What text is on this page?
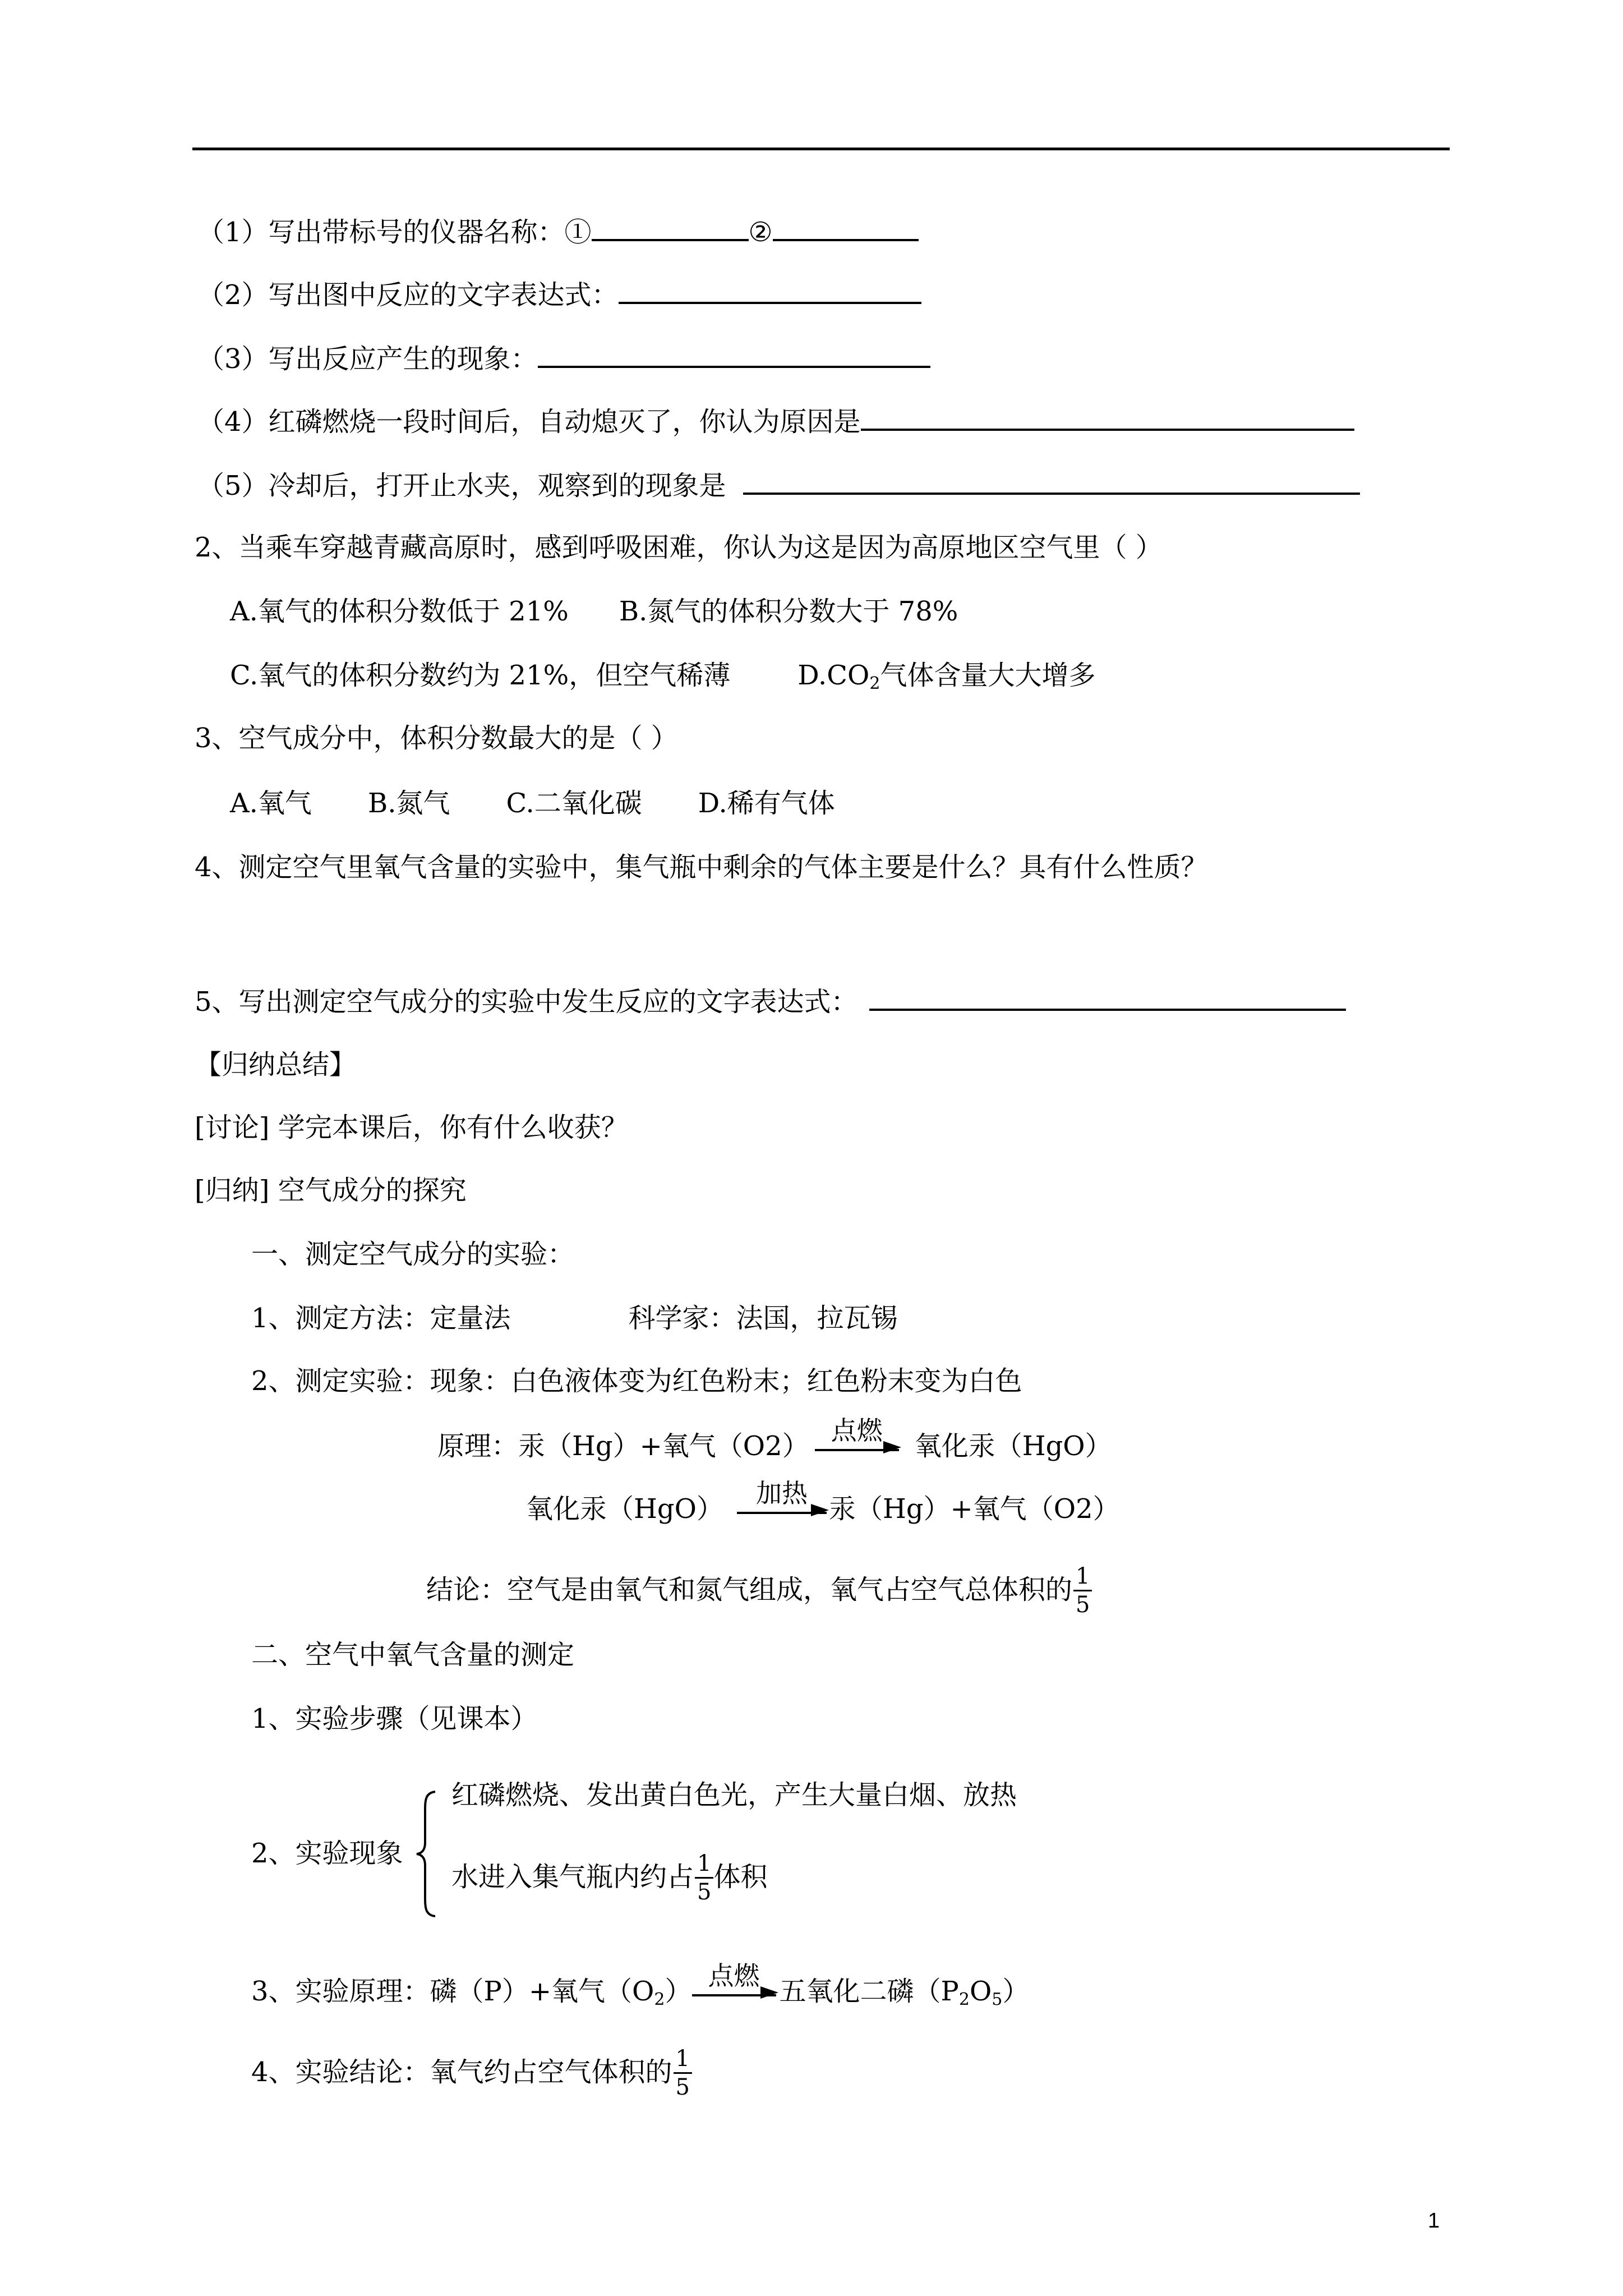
（1）写出带标号的仪器名称：①	②
（2）写出图中反应的文字表达式：
（3）写出反应产生的现象：
（4）红磷燃烧一段时间后，自动熄灭了，你认为原因是
（5）冷却后，打开止水夹，观察到的现象是
2、当乘车穿越青藏高原时，感到呼吸困难，你认为这是因为高原地区空气里（ ）
A.氧气的体积分数低于 21% B.氮气的体积分数大于 78%
C.氧气的体积分数约为 21%，但空气稀薄	$D.CO_2$气体含量大大增多
3、空气成分中，体积分数最大的是（ ）
A.氧气 B.氮气 C.二氧化碳 D.稀有气体
4、测定空气里氧气含量的实验中，集气瓶中剩余的气体主要是什么？具有什么性质？
5、写出测定空气成分的实验中发生反应的文字表达式：
【归纳总结】
[讨论] 学完本课后，你有什么收获？
[归纳] 空气成分的探究
一、测定空气成分的实验：
1、测定方法：定量法	科学家：法国，拉瓦锡
2、测定实验：现象：白色液体变为红色粉末；红色粉末变为白色
原理：汞（Hg）+氧气（O2）
点燃
氧化汞（HgO）
氧化汞（HgO）
加热
汞（Hg）+氧气（O2）
结论：空气是由氧气和氮气组成，氧气占空气总体积的 $\frac{1}{5}$
二、空气中氧气含量的测定
1、实验步骤（见课本）
2、实验现象
红磷燃烧、发出黄白色光，产生大量白烟、放热
水进入集气瓶内约占 $\frac{1}{5}$ 体积
3、实验原理：磷（P）+氧气$(O_2)$
点燃
五氧化二磷$(P_2O_5)$
4、实验结论：氧气约占空气体积的 $\frac{1}{5}$
1
